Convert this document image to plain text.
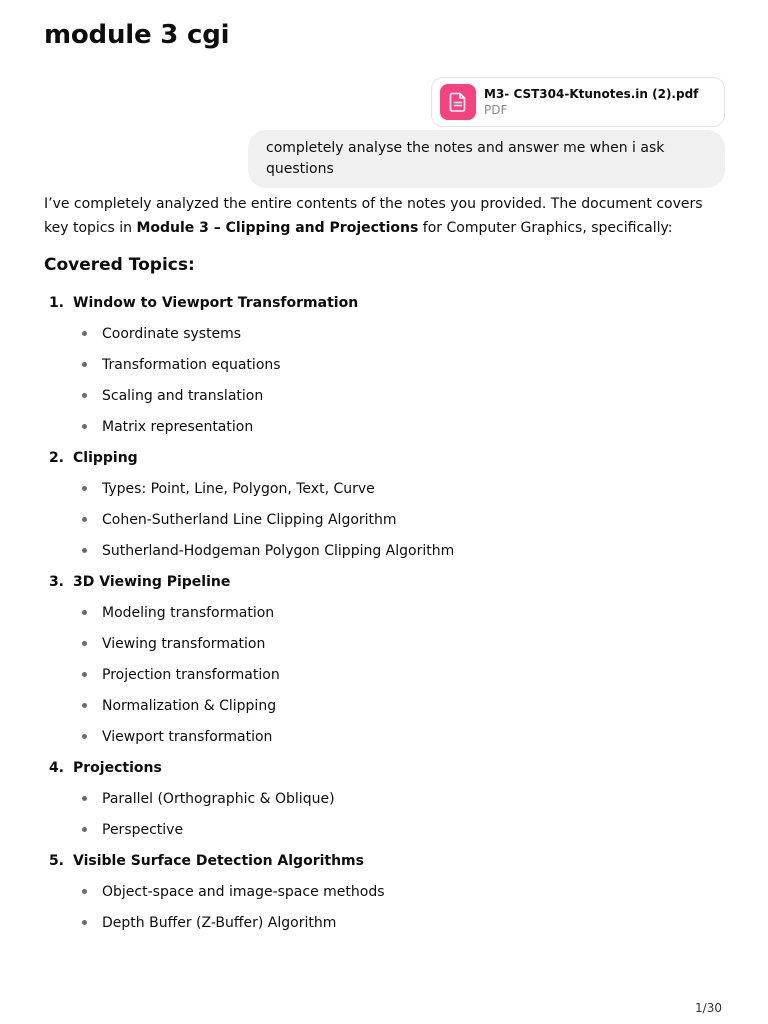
module 3 cgi
M3- CST304-Ktunotes.in (2).pdf
PDF
completely analyse the notes and answer me when i ask questions

I’ve completely analyzed the entire contents of the notes you provided. The document covers key topics in Module 3 – Clipping and Projections for Computer Graphics, specifically:

Covered Topics:
1. Window to Viewport Transformation
Coordinate systems
Transformation equations
Scaling and translation
Matrix representation
2. Clipping
Types: Point, Line, Polygon, Text, Curve
Cohen-Sutherland Line Clipping Algorithm
Sutherland-Hodgeman Polygon Clipping Algorithm
3. 3D Viewing Pipeline
Modeling transformation
Viewing transformation
Projection transformation
Normalization & Clipping
Viewport transformation
4. Projections
Parallel (Orthographic & Oblique)
Perspective
5. Visible Surface Detection Algorithms
Object-space and image-space methods
Depth Buffer (Z-Buffer) Algorithm
1/30
